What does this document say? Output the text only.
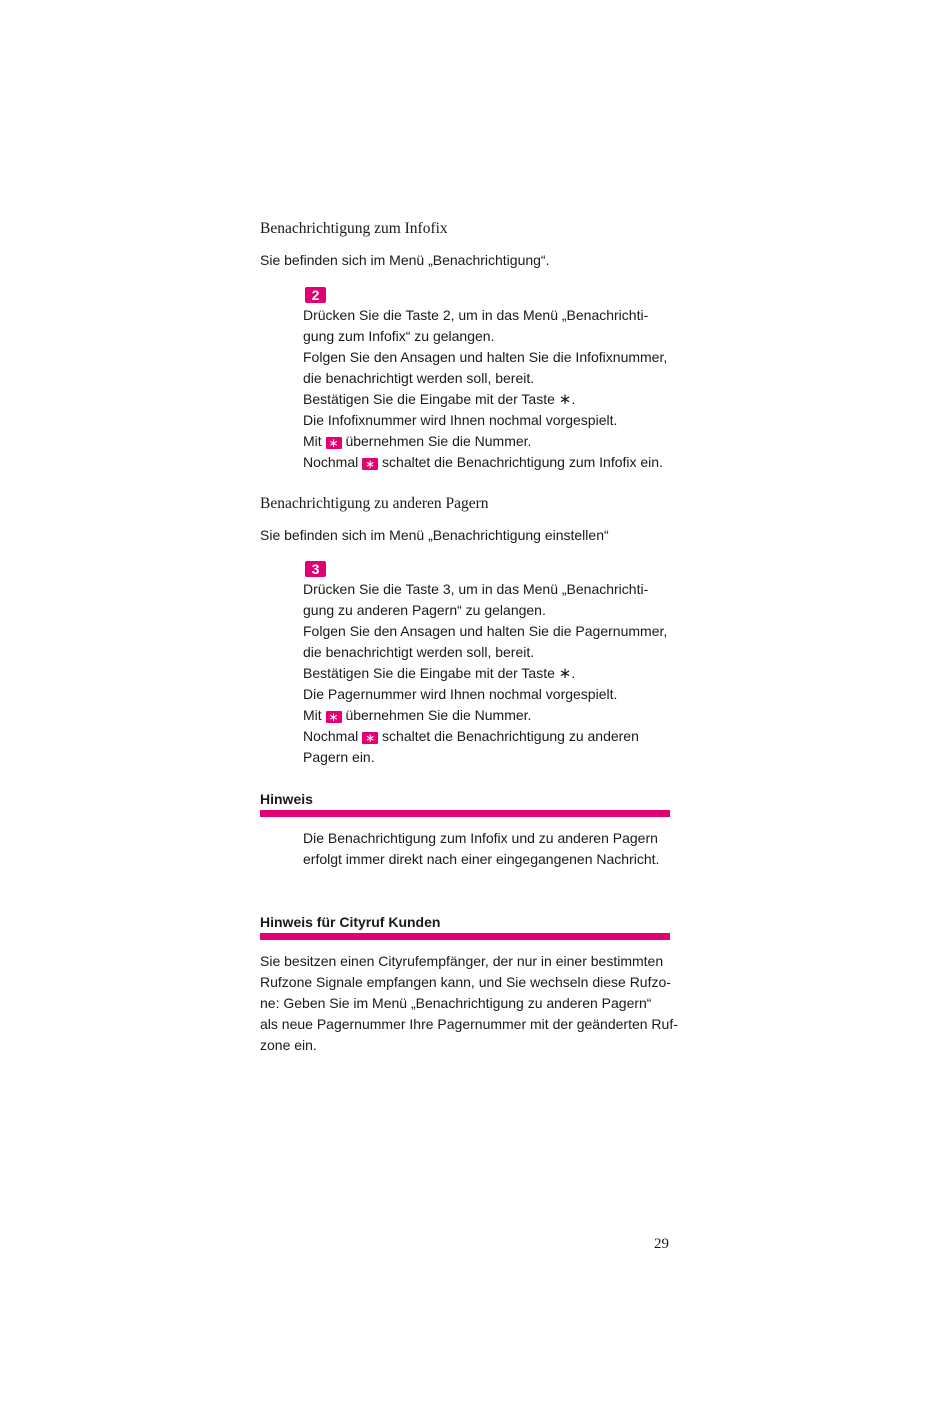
Benachrichtigung zum Infofix

Sie befinden sich im Menü „Benachrichtigung“.

2
Drücken Sie die Taste 2, um in das Menü „Benachrichti-
gung zum Infofix“ zu gelangen.
Folgen Sie den Ansagen und halten Sie die Infofixnummer,
die benachrichtigt werden soll, bereit.
Bestätigen Sie die Eingabe mit der Taste ∗.
Die Infofixnummer wird Ihnen nochmal vorgespielt.
Mit ∗ übernehmen Sie die Nummer.
Nochmal ∗ schaltet die Benachrichtigung zum Infofix ein.
Benachrichtigung zu anderen Pagern

Sie befinden sich im Menü „Benachrichtigung einstellen“

3
Drücken Sie die Taste 3, um in das Menü „Benachrichti-
gung zu anderen Pagern“ zu gelangen.
Folgen Sie den Ansagen und halten Sie die Pagernummer,
die benachrichtigt werden soll, bereit.
Bestätigen Sie die Eingabe mit der Taste ∗.
Die Pagernummer wird Ihnen nochmal vorgespielt.
Mit ∗ übernehmen Sie die Nummer.
Nochmal ∗ schaltet die Benachrichtigung zu anderen
Pagern ein.
Hinweis
Die Benachrichtigung zum Infofix und zu anderen Pagern
erfolgt immer direkt nach einer eingegangenen Nachricht.
Hinweis für Cityruf Kunden
Sie besitzen einen Cityrufempfänger, der nur in einer bestimmten
Rufzone Signale empfangen kann, und Sie wechseln diese Rufzo-
ne: Geben Sie im Menü „Benachrichtigung zu anderen Pagern“
als neue Pagernummer Ihre Pagernummer mit der geänderten Ruf-
zone ein.
29
